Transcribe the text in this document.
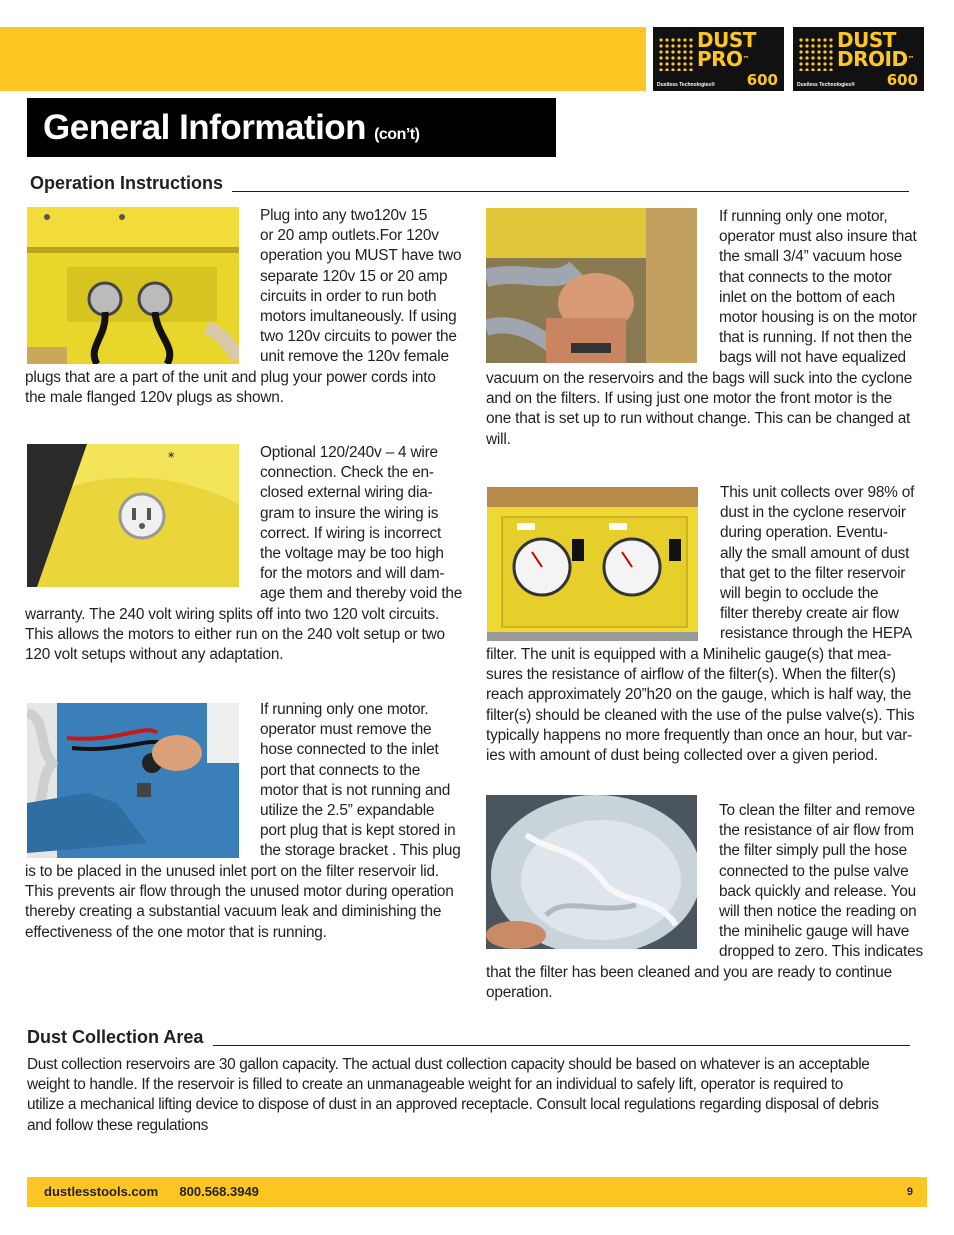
DUST
PRO™
600
Dustless Technologies®
DUST
DROID™
600
Dustless Technologies®
General Information (con’t)
Operation Instructions
∗
Plug into any two120v 15
or 20 amp outlets.For 120v
operation you MUST have two
separate 120v 15 or 20 amp
circuits in order to run both
motors imultaneously. If using
two 120v circuits to power the
unit remove the 120v female
plugs that are a part of the unit and plug your power cords into
the male flanged 120v plugs as shown.
Optional 120/240v – 4 wire
connection. Check the en-
closed external wiring dia-
gram to insure the wiring is
correct. If wiring is incorrect
the voltage may be too high
for the motors and will dam-
age them and thereby void the
warranty. The 240 volt wiring splits off into two 120 volt circuits.
This allows the motors to either run on the 240 volt setup or two
120 volt setups without any adaptation.
If running only one motor.
operator must remove the
hose connected to the inlet
port that connects to the
motor that is not running and
utilize the 2.5” expandable
port plug that is kept stored in
the storage bracket . This plug
is to be placed in the unused inlet port on the filter reservoir lid.
This prevents air flow through the unused motor during operation
thereby creating a substantial vacuum leak and diminishing the
effectiveness of the one motor that is running.
If running only one motor,
operator must also insure that
the small 3/4” vacuum hose
that connects to the motor
inlet on the bottom of each
motor housing is on the motor
that is running. If not then the
bags will not have equalized
vacuum on the reservoirs and the bags will suck into the cyclone
and on the filters. If using just one motor the front motor is the
one that is set up to run without change. This can be changed at
will.
This unit collects over 98% of
dust in the cyclone reservoir
during operation. Eventu-
ally the small amount of dust
that get to the filter reservoir
will begin to occlude the
filter thereby create air flow
resistance through the HEPA
filter. The unit is equipped with a Minihelic gauge(s) that mea-
sures the resistance of airflow of the filter(s). When the filter(s)
reach approximately 20”h20 on the gauge, which is half way, the
filter(s) should be cleaned with the use of the pulse valve(s). This
typically happens no more frequently than once an hour, but var-
ies with amount of dust being collected over a given period.
To clean the filter and remove
the resistance of air flow from
the filter simply pull the hose
connected to the pulse valve
back quickly and release. You
will then notice the reading on
the minihelic gauge will have
dropped to zero. This indicates
that the filter has been cleaned and you are ready to continue
operation.
Dust Collection Area
Dust collection reservoirs are 30 gallon capacity. The actual dust collection capacity should be based on whatever is an acceptable
weight to handle. If the reservoir is filled to create an unmanageable weight for an individual to safely lift, operator is required to
utilize a mechanical lifting device to dispose of dust in an approved receptacle. Consult local regulations regarding disposal of debris
and follow these regulations
dustlesstools.com 800.568.3949	9
